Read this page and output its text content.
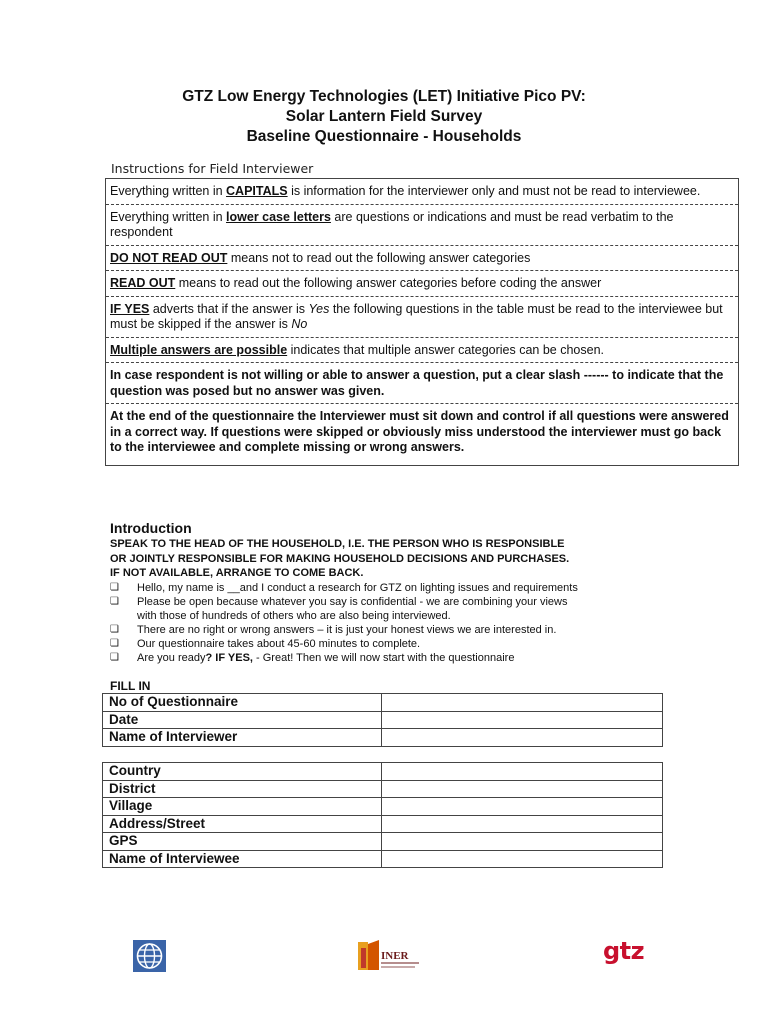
GTZ Low Energy Technologies (LET) Initiative Pico PV:
Solar Lantern Field Survey
Baseline Questionnaire - Households
Instructions for Field Interviewer
Everything written in CAPITALS is information for the interviewer only and must not be read to interviewee.
Everything written in lower case letters are questions or indications and must be read verbatim to the respondent
DO NOT READ OUT means not to read out the following answer categories
READ OUT means to read out the following answer categories before coding the answer
IF YES adverts that if the answer is Yes the following questions in the table must be read to the interviewee but must be skipped if the answer is No
Multiple answers are possible indicates that multiple answer categories can be chosen.
In case respondent is not willing or able to answer a question, put a clear slash ------ to indicate that the question was posed but no answer was given.
At the end of the questionnaire the Interviewer must sit down and control if all questions were answered in a correct way. If questions were skipped or obviously miss understood the interviewer must go back to the interviewee and complete missing or wrong answers.
Introduction
SPEAK TO THE HEAD OF THE HOUSEHOLD, I.E. THE PERSON WHO IS RESPONSIBLE
OR JOINTLY RESPONSIBLE FOR MAKING HOUSEHOLD DECISIONS AND PURCHASES.
IF NOT AVAILABLE, ARRANGE TO COME BACK.
❏ Hello, my name is __and I conduct a research for GTZ on lighting issues and requirements
❏ Please be open because whatever you say is confidential - we are combining your views
with those of hundreds of others who are also being interviewed.
❏ There are no right or wrong answers – it is just your honest views we are interested in.
❏ Our questionnaire takes about 45-60 minutes to complete.
❏ Are you ready? IF YES, - Great! Then we will now start with the questionnaire
FILL IN
No of Questionnaire	
Date	
Name of Interviewer	
Country	
District	
Village	
Address/Street	
GPS	
Name of Interviewee	
INER	gtz
